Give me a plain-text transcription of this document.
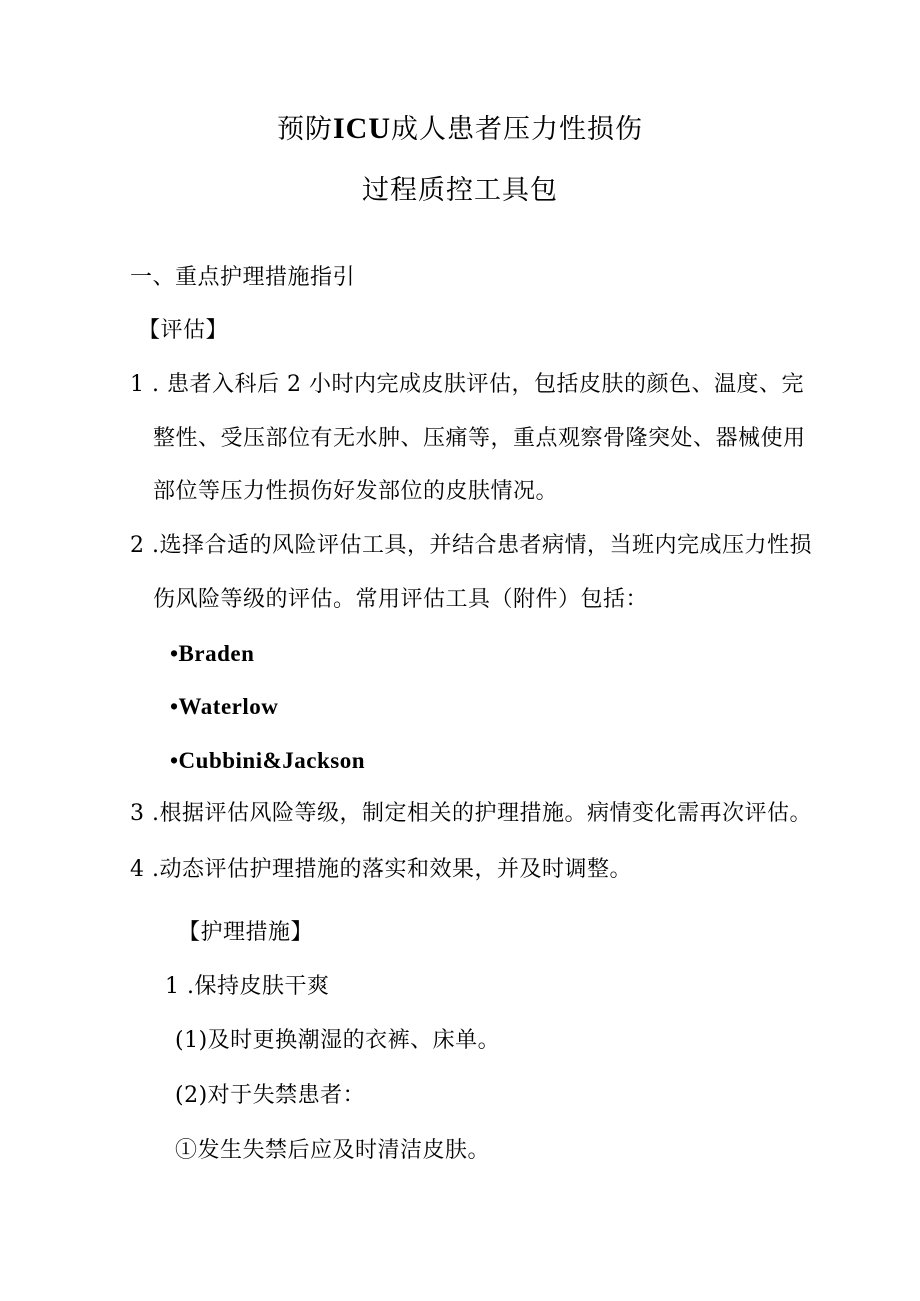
预防ICU成人患者压力性损伤
过程质控工具包
一、重点护理措施指引
【评估】
1 . 患者入科后 2 小时内完成皮肤评估，包括皮肤的颜色、温度、完
整性、受压部位有无水肿、压痛等，重点观察骨隆突处、器械使用
部位等压力性损伤好发部位的皮肤情况。
2 .选择合适的风险评估工具，并结合患者病情，当班内完成压力性损
伤风险等级的评估。常用评估工具（附件）包括：
•Braden
•Waterlow
•Cubbini&Jackson
3 .根据评估风险等级，制定相关的护理措施。病情变化需再次评估。
4 .动态评估护理措施的落实和效果，并及时调整。
【护理措施】
1 .保持皮肤干爽
(1)及时更换潮湿的衣裤、床单。
(2)对于失禁患者：
①发生失禁后应及时清洁皮肤。
